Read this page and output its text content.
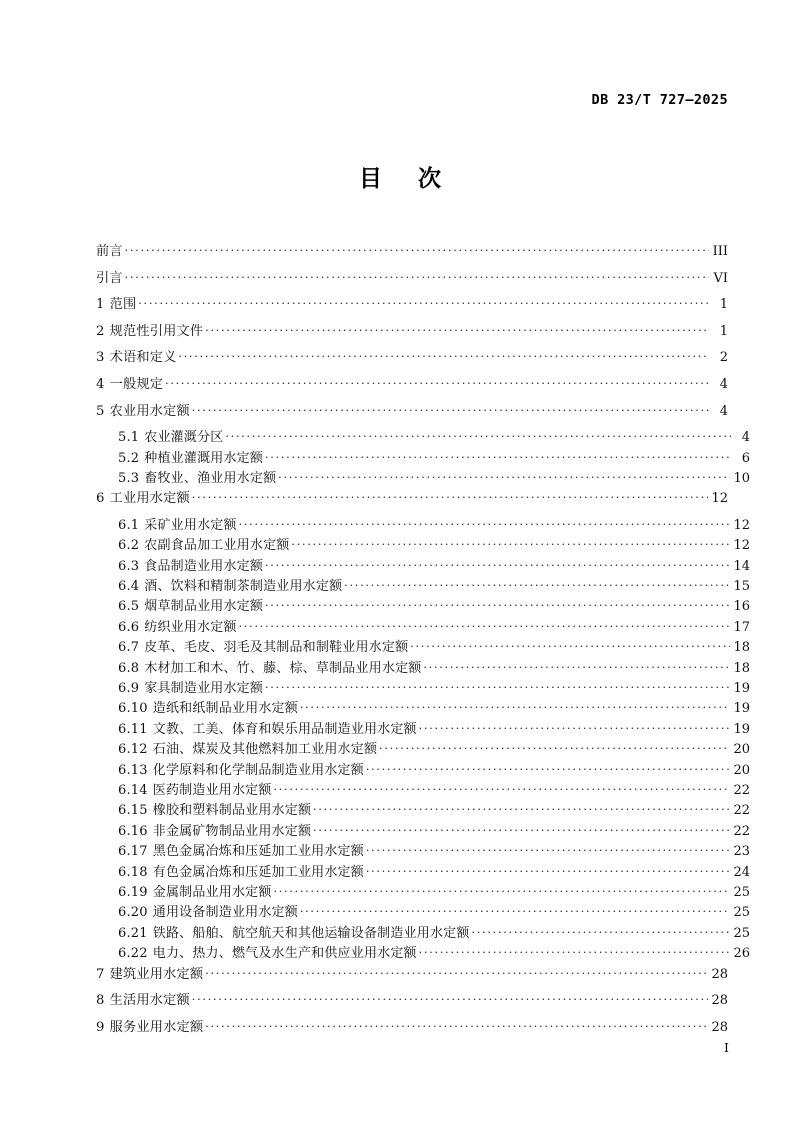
DB 23/T 727—2025
目 次
前言 . . .	III
引言 . . .	VI
1 范围 . . .	1
2 规范性引用文件 . . .	1
3 术语和定义 . . .	2
4 一般规定 . . .	4
5 农业用水定额 . . .	4
5.1 农业灌溉分区 . . .	4
5.2 种植业灌溉用水定额 . . .	6
5.3 畜牧业、渔业用水定额 . . .	10
6 工业用水定额 . . .	12
6.1 采矿业用水定额 . . .	12
6.2 农副食品加工业用水定额 . . .	12
6.3 食品制造业用水定额 . . .	14
6.4 酒、饮料和精制茶制造业用水定额 . . .	15
6.5 烟草制品业用水定额 . . .	16
6.6 纺织业用水定额 . . .	17
6.7 皮革、毛皮、羽毛及其制品和制鞋业用水定额 . . .	18
6.8 木材加工和木、竹、藤、棕、草制品业用水定额 . . .	18
6.9 家具制造业用水定额 . . .	19
6.10 造纸和纸制品业用水定额 . . .	19
6.11 文教、工美、体育和娱乐用品制造业用水定额 . . .	19
6.12 石油、煤炭及其他燃料加工业用水定额 . . .	20
6.13 化学原料和化学制品制造业用水定额 . . .	20
6.14 医药制造业用水定额 . . .	22
6.15 橡胶和塑料制品业用水定额 . . .	22
6.16 非金属矿物制品业用水定额 . . .	22
6.17 黑色金属冶炼和压延加工业用水定额 . . .	23
6.18 有色金属冶炼和压延加工业用水定额 . . .	24
6.19 金属制品业用水定额 . . .	25
6.20 通用设备制造业用水定额 . . .	25
6.21 铁路、船舶、航空航天和其他运输设备制造业用水定额 . . .	25
6.22 电力、热力、燃气及水生产和供应业用水定额 . . .	26
7 建筑业用水定额 . . .	28
8 生活用水定额 . . .	28
9 服务业用水定额 . . .	28
I
